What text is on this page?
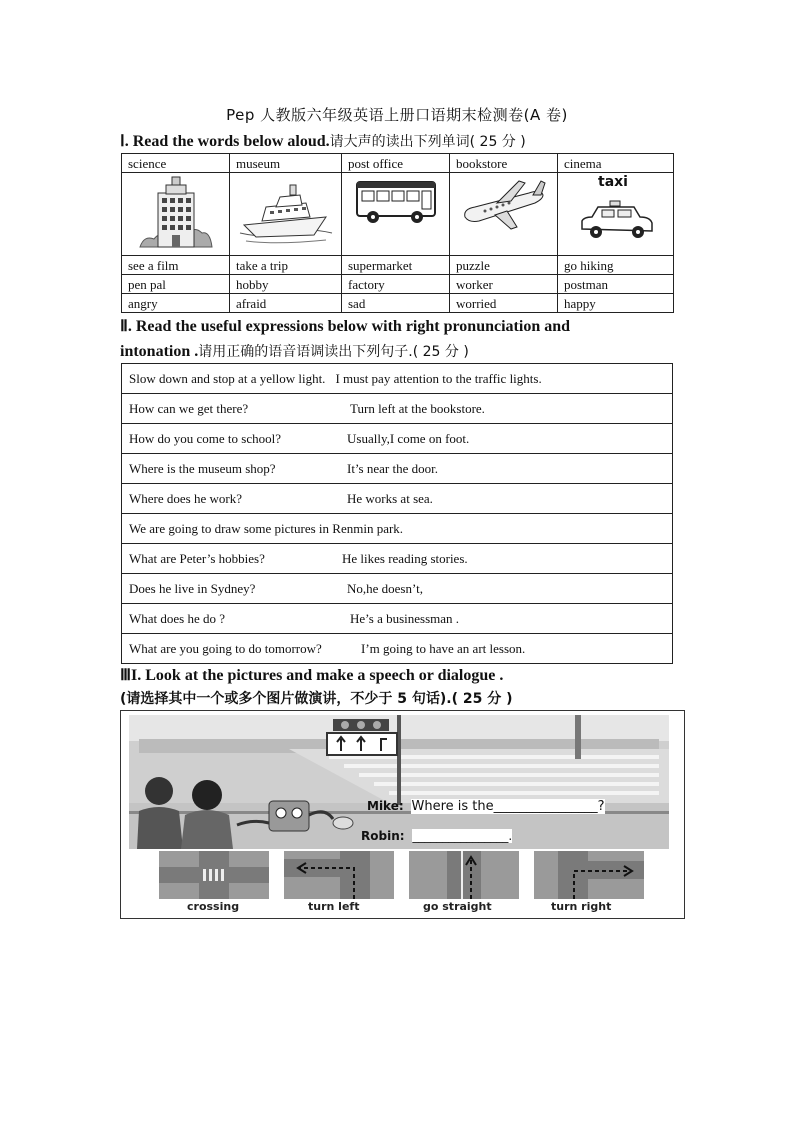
Pep 人教版六年级英语上册口语期末检测卷(A 卷)
Ⅰ. Read the words below aloud.请大声的读出下列单词( 25 分 )
science	museum	post office	bookstore	cinema

taxi

see a film	take a trip	supermarket	puzzle	go hiking
pen pal	hobby	factory	worker	postman
angry	afraid	sad	worried	happy
Ⅱ. Read the useful expressions below with right pronunciation and
intonation .请用正确的语音语调读出下列句子.( 25 分 )
Slow down and stop at a yellow light. I must pay attention to the traffic lights.
How can we get there?	Turn left at the bookstore.
How do you come to school?	Usually,I come on foot.
Where is the museum shop?	It’s near the door.
Where does he work?	He works at sea.
We are going to draw some pictures in Renmin park.
What are Peter’s hobbies?	He likes reading stories.
Does he live in Sydney?	No,he doesn’t,
What does he do ?	He’s a businessman .
What are you going to do tomorrow?	I’m going to have an art lesson.
ⅢI. Look at the pictures and make a speech or dialogue .
(请选择其中一个或多个图片做演讲，不少于 5 句话).( 25 分 )
Mike: Where is the________________?
Robin: ________________.
crossing	turn left	go straight	turn right
